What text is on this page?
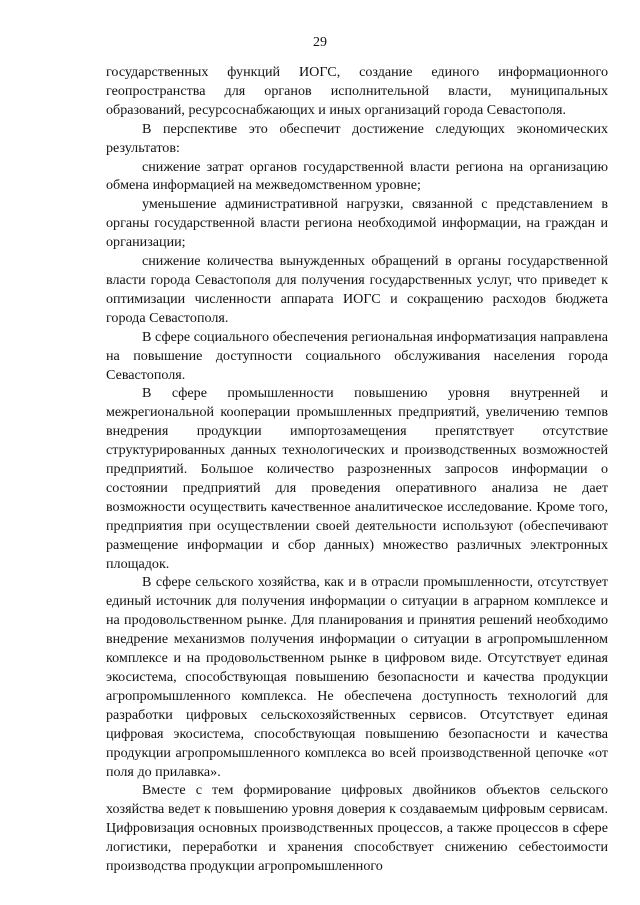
29

государственных функций ИОГС, создание единого информационного геопространства для органов исполнительной власти, муниципальных образований, ресурсоснабжающих и иных организаций города Севастополя.

В перспективе это обеспечит достижение следующих экономических результатов:

снижение затрат органов государственной власти региона на организацию обмена информацией на межведомственном уровне;

уменьшение административной нагрузки, связанной с представлением в органы государственной власти региона необходимой информации, на граждан и организации;

снижение количества вынужденных обращений в органы государственной власти города Севастополя для получения государственных услуг, что приведет к оптимизации численности аппарата ИОГС и сокращению расходов бюджета города Севастополя.

В сфере социального обеспечения региональная информатизация направлена на повышение доступности социального обслуживания населения города Севастополя.

В сфере промышленности повышению уровня внутренней и межрегиональной кооперации промышленных предприятий, увеличению темпов внедрения продукции импортозамещения препятствует отсутствие структурированных данных технологических и производственных возможностей предприятий. Большое количество разрозненных запросов информации о состоянии предприятий для проведения оперативного анализа не дает возможности осуществить качественное аналитическое исследование. Кроме того, предприятия при осуществлении своей деятельности используют (обеспечивают размещение информации и сбор данных) множество различных электронных площадок.

В сфере сельского хозяйства, как и в отрасли промышленности, отсутствует единый источник для получения информации о ситуации в аграрном комплексе и на продовольственном рынке. Для планирования и принятия решений необходимо внедрение механизмов получения информации о ситуации в агропромышленном комплексе и на продовольственном рынке в цифровом виде. Отсутствует единая экосистема, способствующая повышению безопасности и качества продукции агропромышленного комплекса. Не обеспечена доступность технологий для разработки цифровых сельскохозяйственных сервисов. Отсутствует единая цифровая экосистема, способствующая повышению безопасности и качества продукции агропромышленного комплекса во всей производственной цепочке «от поля до прилавка».

Вместе с тем формирование цифровых двойников объектов сельского хозяйства ведет к повышению уровня доверия к создаваемым цифровым сервисам. Цифровизация основных производственных процессов, а также процессов в сфере логистики, переработки и хранения способствует снижению себестоимости производства продукции агропромышленного
